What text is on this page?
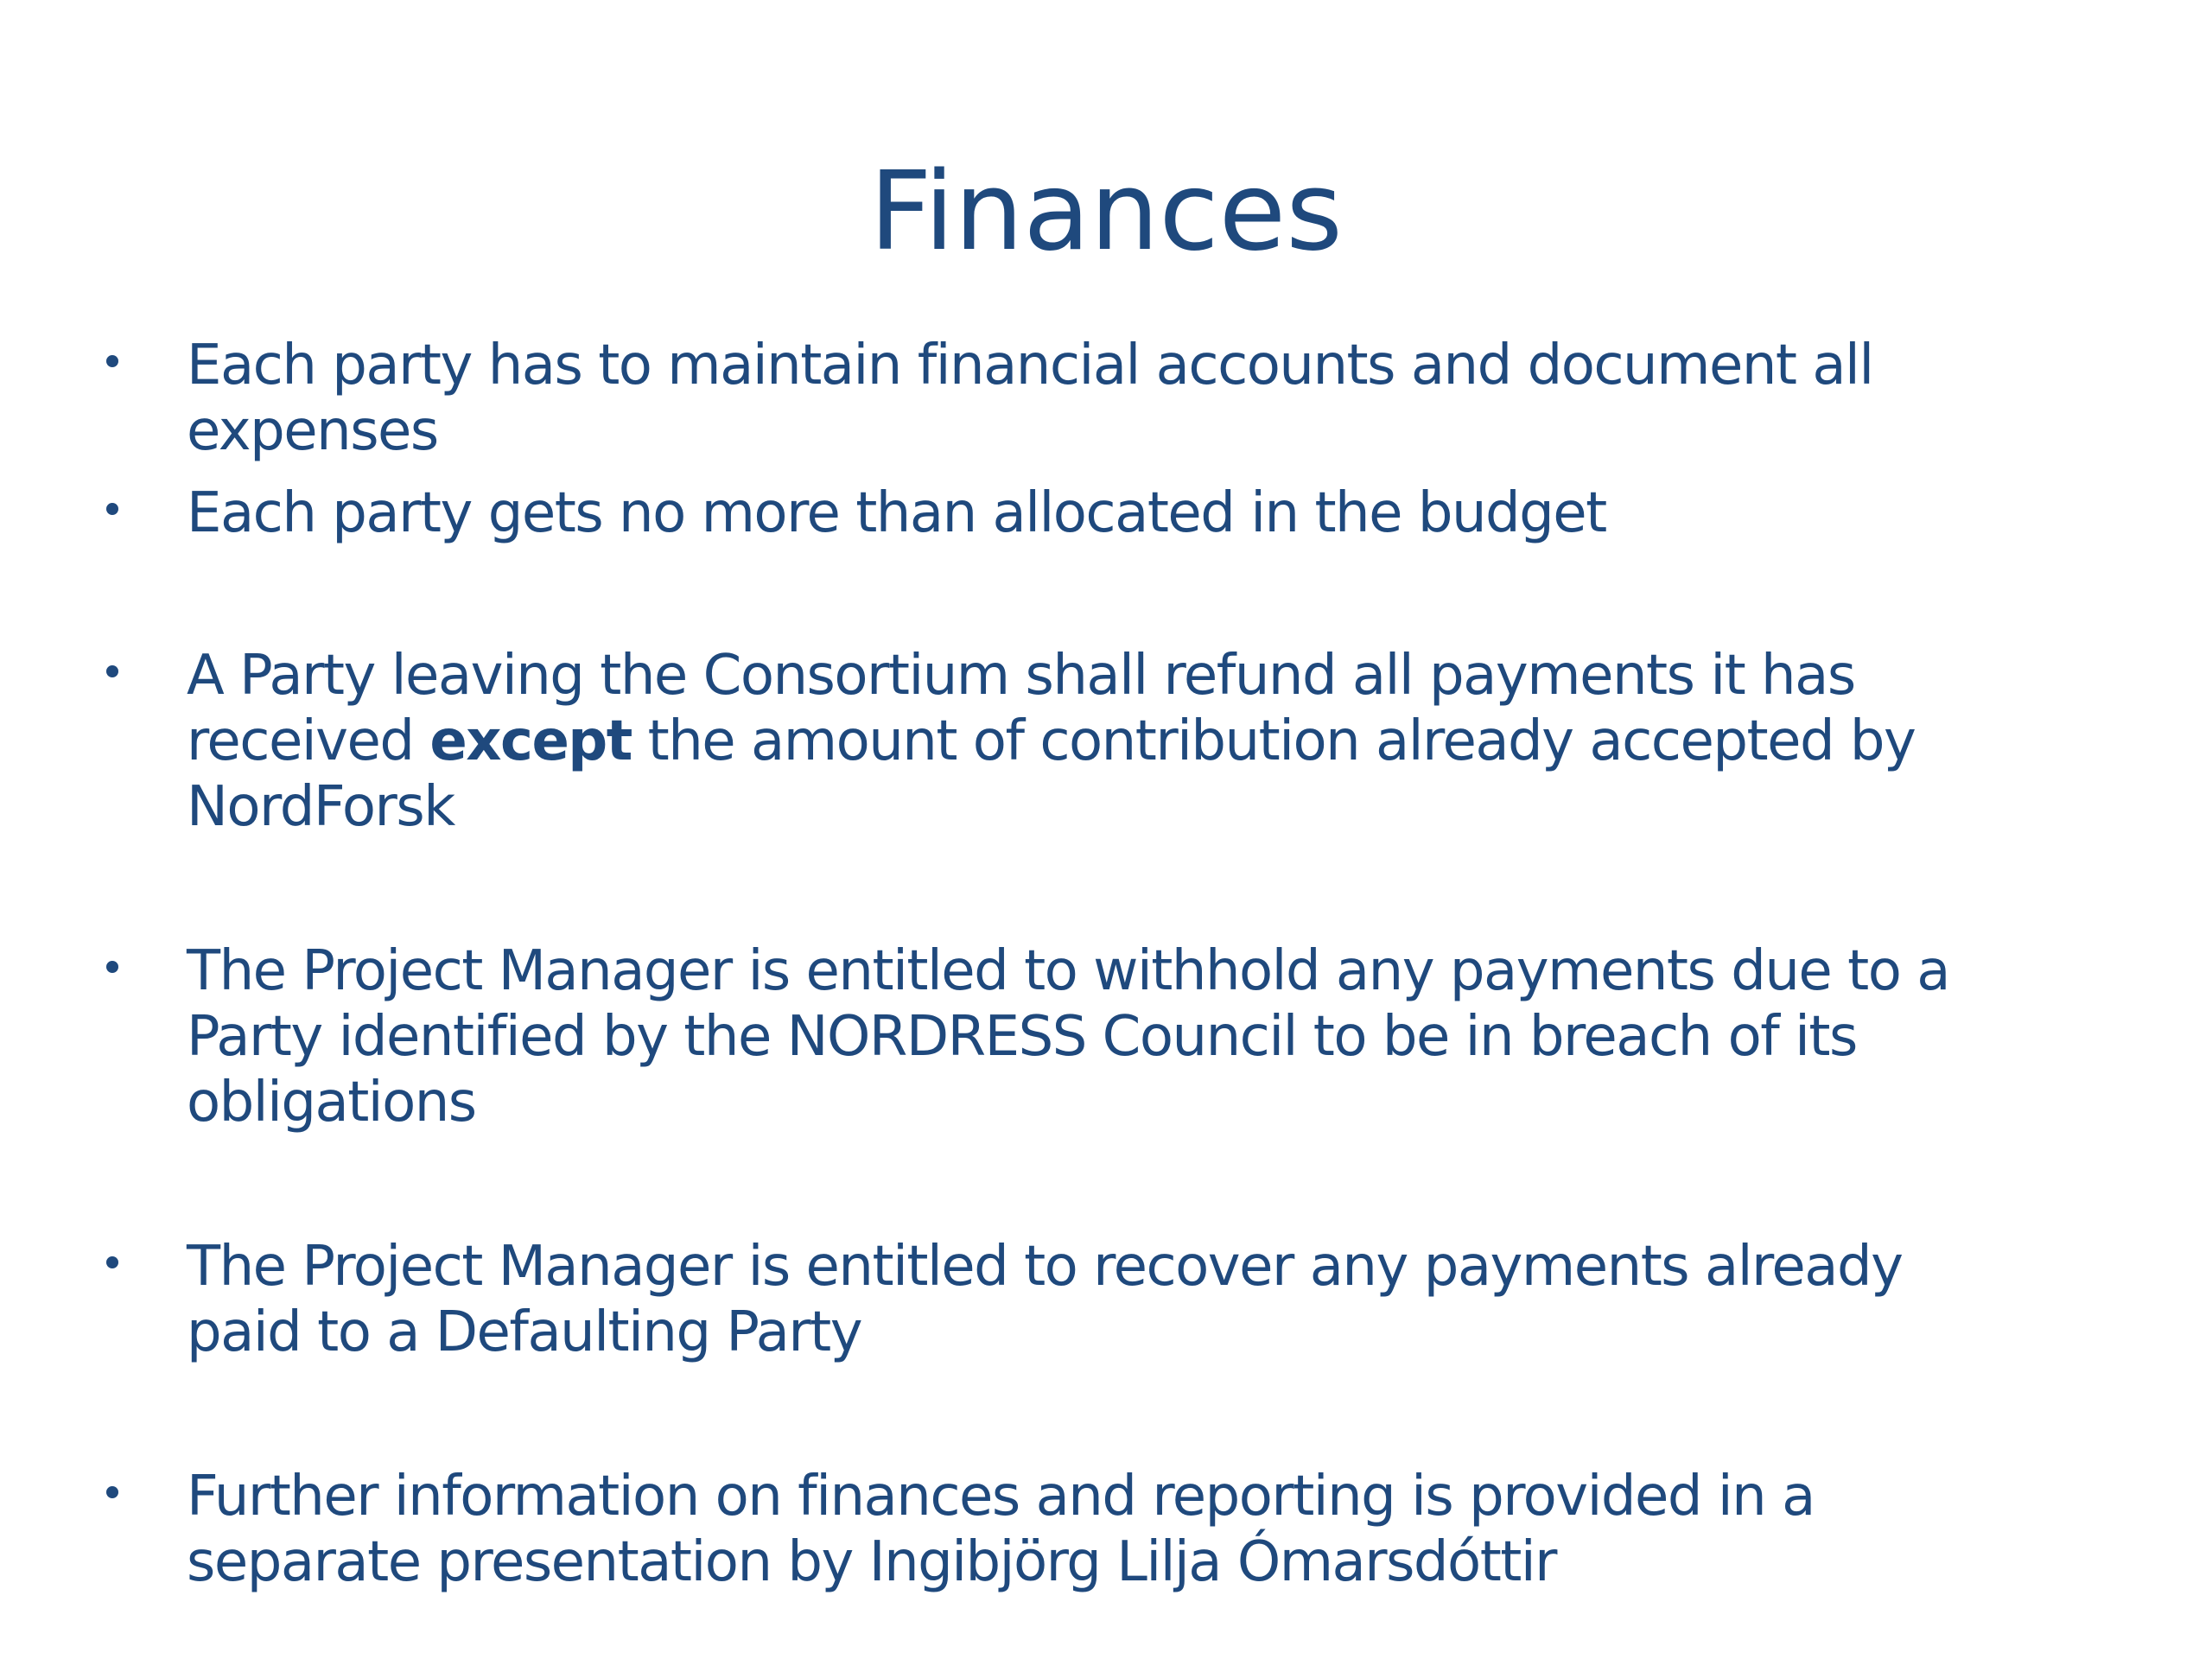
Finances
Each party has to maintain financial accounts and document all
expenses
Each party gets no more than allocated in the budget
A Party leaving the Consortium shall refund all payments it has
received except the amount of contribution already accepted by
NordForsk
The Project Manager is entitled to withhold any payments due to a
Party identified by the NORDRESS Council to be in breach of its
obligations
The Project Manager is entitled to recover any payments already
paid to a Defaulting Party
Further information on finances and reporting is provided in a
separate presentation by Ingibjörg Lilja Ómarsdóttir
